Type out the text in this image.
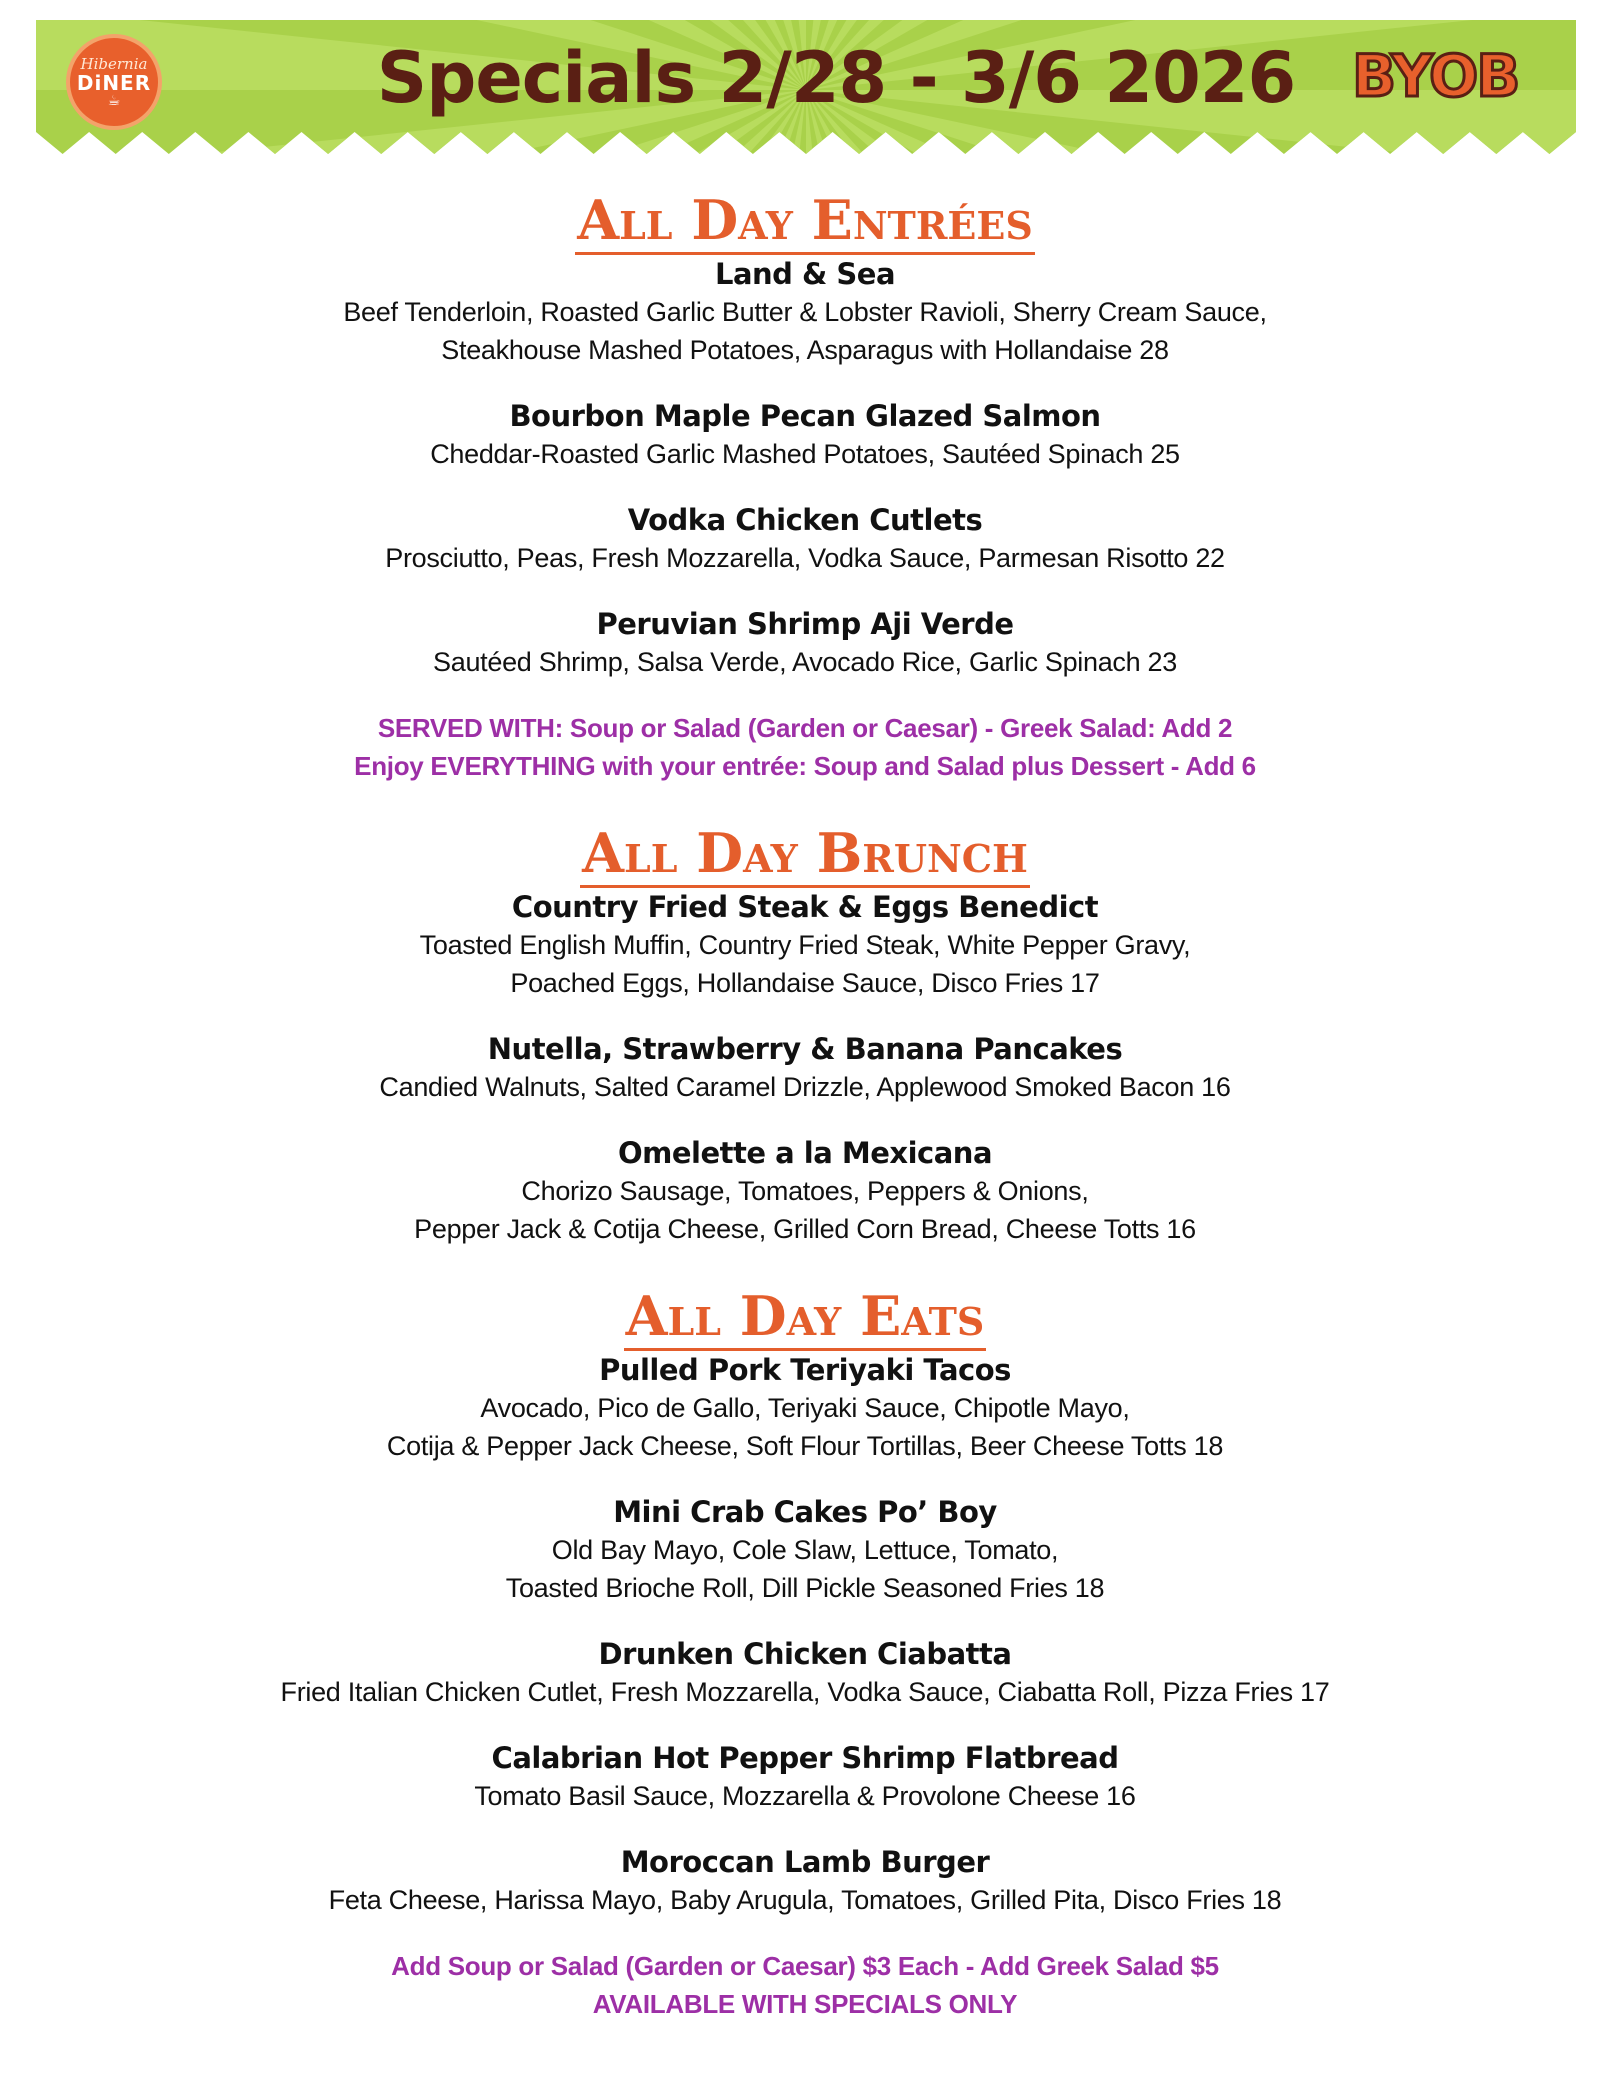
Hibernia
DiNER
☕	Specials 2/28 - 3/6 2026 BYOB
All Day Entrées
Land & Sea
Beef Tenderloin, Roasted Garlic Butter & Lobster Ravioli, Sherry Cream Sauce,
Steakhouse Mashed Potatoes, Asparagus with Hollandaise 28
Bourbon Maple Pecan Glazed Salmon
Cheddar-Roasted Garlic Mashed Potatoes, Sautéed Spinach 25
Vodka Chicken Cutlets
Prosciutto, Peas, Fresh Mozzarella, Vodka Sauce, Parmesan Risotto 22
Peruvian Shrimp Aji Verde
Sautéed Shrimp, Salsa Verde, Avocado Rice, Garlic Spinach 23
SERVED WITH: Soup or Salad (Garden or Caesar) - Greek Salad: Add 2
Enjoy EVERYTHING with your entrée: Soup and Salad plus Dessert - Add 6
All Day Brunch
Country Fried Steak & Eggs Benedict
Toasted English Muffin, Country Fried Steak, White Pepper Gravy,
Poached Eggs, Hollandaise Sauce, Disco Fries 17
Nutella, Strawberry & Banana Pancakes
Candied Walnuts, Salted Caramel Drizzle, Applewood Smoked Bacon 16
Omelette a la Mexicana
Chorizo Sausage, Tomatoes, Peppers & Onions,
Pepper Jack & Cotija Cheese, Grilled Corn Bread, Cheese Totts 16
All Day Eats
Pulled Pork Teriyaki Tacos
Avocado, Pico de Gallo, Teriyaki Sauce, Chipotle Mayo,
Cotija & Pepper Jack Cheese, Soft Flour Tortillas, Beer Cheese Totts 18
Mini Crab Cakes Po’ Boy
Old Bay Mayo, Cole Slaw, Lettuce, Tomato,
Toasted Brioche Roll, Dill Pickle Seasoned Fries 18
Drunken Chicken Ciabatta
Fried Italian Chicken Cutlet, Fresh Mozzarella, Vodka Sauce, Ciabatta Roll, Pizza Fries 17
Calabrian Hot Pepper Shrimp Flatbread
Tomato Basil Sauce, Mozzarella & Provolone Cheese 16
Moroccan Lamb Burger
Feta Cheese, Harissa Mayo, Baby Arugula, Tomatoes, Grilled Pita, Disco Fries 18
Add Soup or Salad (Garden or Caesar) $3 Each - Add Greek Salad $5
AVAILABLE WITH SPECIALS ONLY
